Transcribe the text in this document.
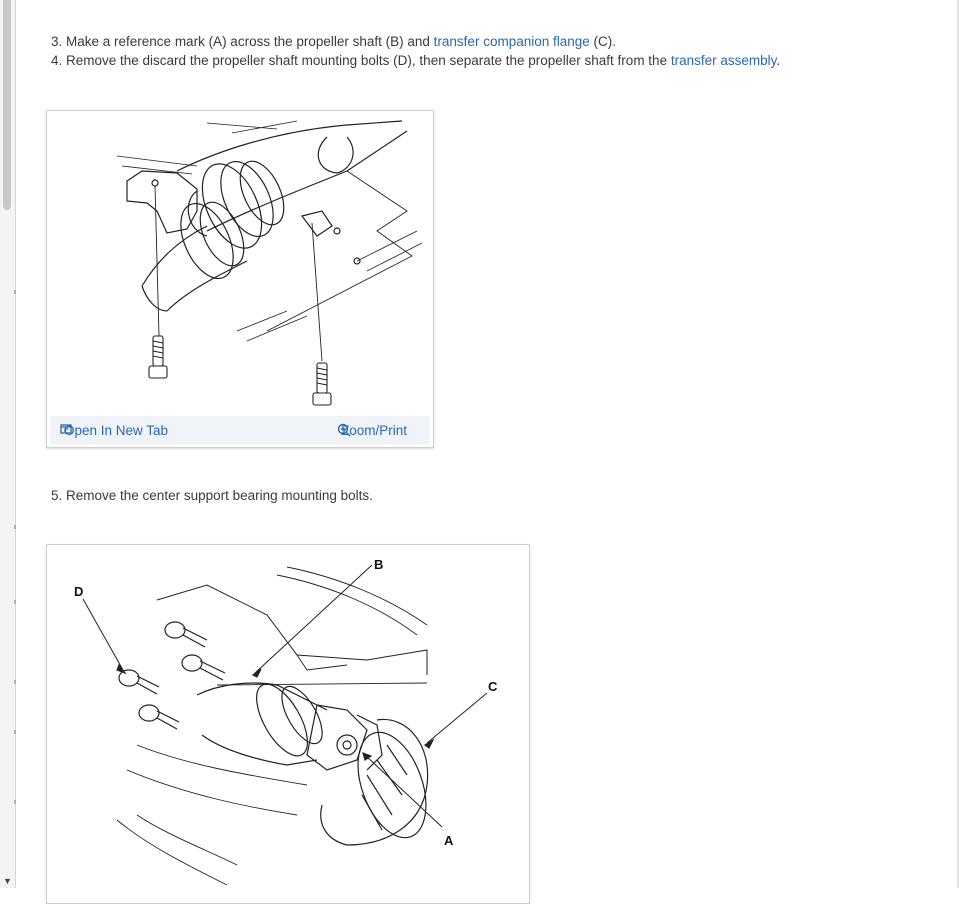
▼
3. Make a reference mark (A) across the propeller shaft (B) and transfer companion flange (C).
4. Remove the discard the propeller shaft mounting bolts (D), then separate the propeller shaft from the transfer assembly.
Open In New Tab	Zoom/Print
5. Remove the center support bearing mounting bolts.
D
B
C
A
